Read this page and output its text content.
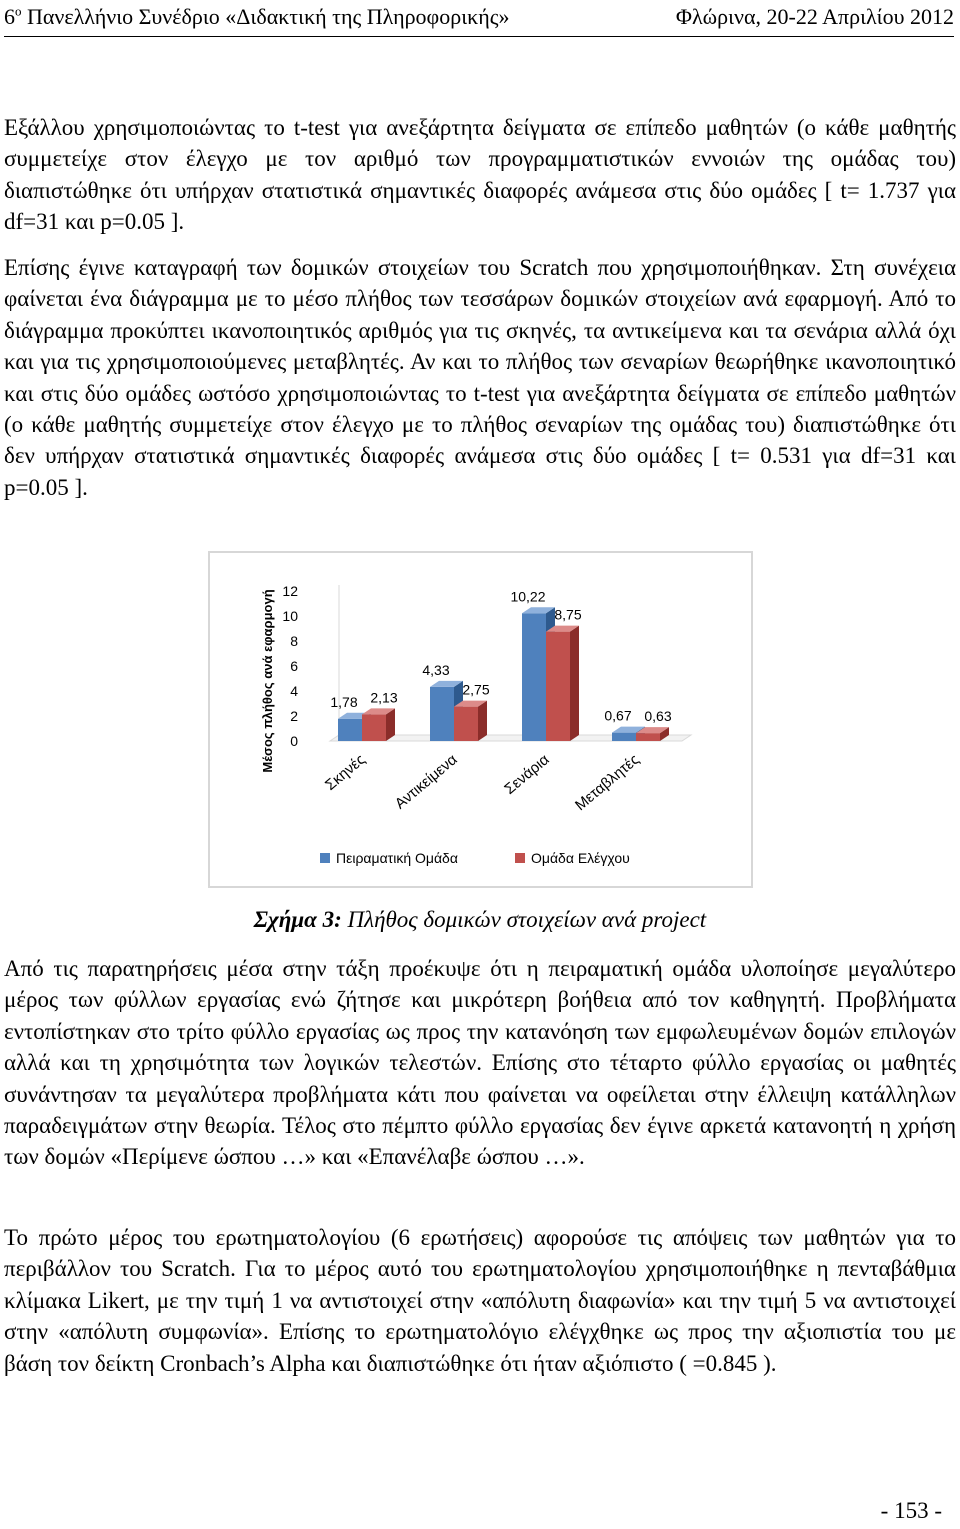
$6^o$ Πανελλήνιο Συνέδριο «Διδακτική της Πληροφορικής»	Φλώρινα, 20-22 Απριλίου 2012

Εξάλλου χρησιμοποιώντας το t-test για ανεξάρτητα δείγματα σε επίπεδο μαθητών (ο κάθε μαθητής συμμετείχε στον έλεγχο με τον αριθμό των προγραμματιστικών εννοιών της ομάδας του) διαπιστώθηκε ότι υπήρχαν στατιστικά σημαντικές διαφορές ανάμεσα στις δύο ομάδες [ t= 1.737 για df=31 και p=0.05 ].

Επίσης έγινε καταγραφή των δομικών στοιχείων του Scratch που χρησιμοποιήθηκαν. Στη συνέχεια φαίνεται ένα διάγραμμα με το μέσο πλήθος των τεσσάρων δομικών στοιχείων ανά εφαρμογή. Από το διάγραμμα προκύπτει ικανοποιητικός αριθμός για τις σκηνές, τα αντικείμενα και τα σενάρια αλλά όχι και για τις χρησιμοποιούμενες μεταβλητές. Αν και το πλήθος των σεναρίων θεωρήθηκε ικανοποιητικό και στις δύο ομάδες ωστόσο χρησιμοποιώντας το t-test για ανεξάρτητα δείγματα σε επίπεδο μαθητών (ο κάθε μαθητής συμμετείχε στον έλεγχο με το πλήθος σεναρίων της ομάδας του) διαπιστώθηκε ότι δεν υπήρχαν στατιστικά σημαντικές διαφορές ανάμεσα στις δύο ομάδες [ t= 0.531 για df=31 και p=0.05 ].

0
2
4
6
8
10
12
Μέσος πλήθος ανά εφαρμογή	1,78 2,13
4,33
2,75
10,22
8,75
0,67 0,63
Σκηνές Αντικείμενα	Σενάρια Μεταβλητές
Πειραματική Ομάδα	Ομάδα Ελέγχου
Σχήμα 3: Πλήθος δομικών στοιχείων ανά project

Από τις παρατηρήσεις μέσα στην τάξη προέκυψε ότι η πειραματική ομάδα υλοποίησε μεγαλύτερο μέρος των φύλλων εργασίας ενώ ζήτησε και μικρότερη βοήθεια από τον καθηγητή. Προβλήματα εντοπίστηκαν στο τρίτο φύλλο εργασίας ως προς την κατανόηση των εμφωλευμένων δομών επιλογών αλλά και τη χρησιμότητα των λογικών τελεστών. Επίσης στο τέταρτο φύλλο εργασίας οι μαθητές συνάντησαν τα μεγαλύτερα προβλήματα κάτι που φαίνεται να οφείλεται στην έλλειψη κατάλληλων παραδειγμάτων στην θεωρία. Τέλος στο πέμπτο φύλλο εργασίας δεν έγινε αρκετά κατανοητή η χρήση των δομών «Περίμενε ώσπου …» και «Επανέλαβε ώσπου …».

Το πρώτο μέρος του ερωτηματολογίου (6 ερωτήσεις) αφορούσε τις απόψεις των μαθητών για το περιβάλλον του Scratch. Για το μέρος αυτό του ερωτηματολογίου χρησιμοποιήθηκε η πενταβάθμια κλίμακα Likert, με την τιμή 1 να αντιστοιχεί στην «απόλυτη διαφωνία» και την τιμή 5 να αντιστοιχεί στην «απόλυτη συμφωνία». Επίσης το ερωτηματολόγιο ελέγχθηκε ως προς την αξιοπιστία του με βάση τον δείκτη Cronbach’s Alpha και διαπιστώθηκε ότι ήταν αξιόπιστο ( =0.845 ).

- 153 -
